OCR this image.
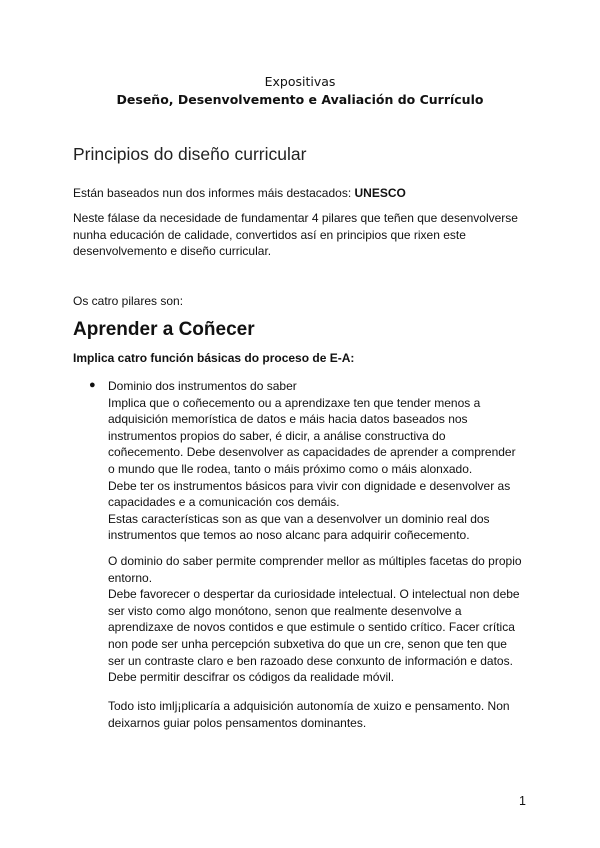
Expositivas
Deseño, Desenvolvemento e Avaliación do Currículo
Principios do diseño curricular
Están baseados nun dos informes máis destacados: UNESCO
Neste fálase da necesidade de fundamentar 4 pilares que teñen que desenvolverse
nunha educación de calidade, convertidos así en principios que rixen este
desenvolvemento e diseño curricular.
Os catro pilares son:
Aprender a Coñecer
Implica catro función básicas do proceso de E-A:
● Dominio dos instrumentos do saber
Implica que o coñecemento ou a aprendizaxe ten que tender menos a
adquisición memorística de datos e máis hacia datos baseados nos
instrumentos propios do saber, é dicir, a análise constructiva do
coñecemento. Debe desenvolver as capacidades de aprender a comprender
o mundo que lle rodea, tanto o máis próximo como o máis alonxado.
Debe ter os instrumentos básicos para vivir con dignidade e desenvolver as
capacidades e a comunicación cos demáis.
Estas características son as que van a desenvolver un dominio real dos
instrumentos que temos ao noso alcanc para adquirir coñecemento.
O dominio do saber permite comprender mellor as múltiples facetas do propio
entorno.
Debe favorecer o despertar da curiosidade intelectual. O intelectual non debe
ser visto como algo monótono, senon que realmente desenvolve a
aprendizaxe de novos contidos e que estimule o sentido crítico. Facer crítica
non pode ser unha percepción subxetiva do que un cre, senon que ten que
ser un contraste claro e ben razoado dese conxunto de información e datos.
Debe permitir descifrar os códigos da realidade móvil.
Todo isto imlj¡plicaría a adquisición autonomía de xuizo e pensamento. Non
deixarnos guiar polos pensamentos dominantes.
1
